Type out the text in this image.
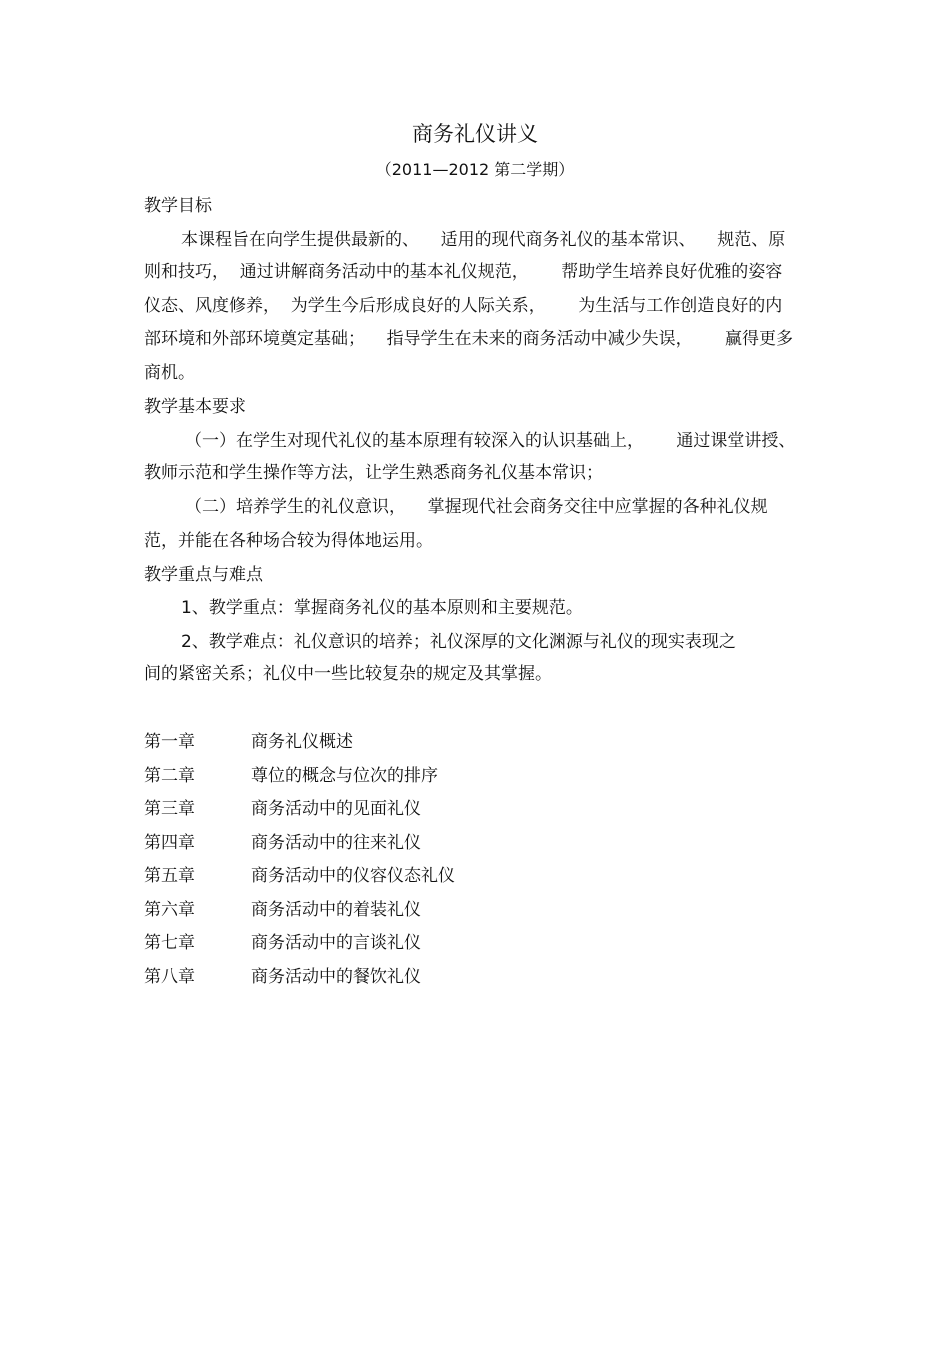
商务礼仪讲义
（2011—2012 第二学期）
教学目标
本课程旨在向学生提供最新的、    适用的现代商务礼仪的基本常识、    规范、原
则和技巧，  通过讲解商务活动中的基本礼仪规范，      帮助学生培养良好优雅的姿容
仪态、风度修养，  为学生今后形成良好的人际关系，      为生活与工作创造良好的内
部环境和外部环境奠定基础；    指导学生在未来的商务活动中减少失误，      赢得更多
商机。
教学基本要求
（一）在学生对现代礼仪的基本原理有较深入的认识基础上，      通过课堂讲授、
教师示范和学生操作等方法，让学生熟悉商务礼仪基本常识；
（二）培养学生的礼仪意识，    掌握现代社会商务交往中应掌握的各种礼仪规
范，并能在各种场合较为得体地运用。
教学重点与难点
1、教学重点：掌握商务礼仪的基本原则和主要规范。
2、教学难点：礼仪意识的培养；礼仪深厚的文化渊源与礼仪的现实表现之
间的紧密关系；礼仪中一些比较复杂的规定及其掌握。
第一章	商务礼仪概述
第二章	尊位的概念与位次的排序
第三章	商务活动中的见面礼仪
第四章	商务活动中的往来礼仪
第五章	商务活动中的仪容仪态礼仪
第六章	商务活动中的着装礼仪
第七章	商务活动中的言谈礼仪
第八章	商务活动中的餐饮礼仪
